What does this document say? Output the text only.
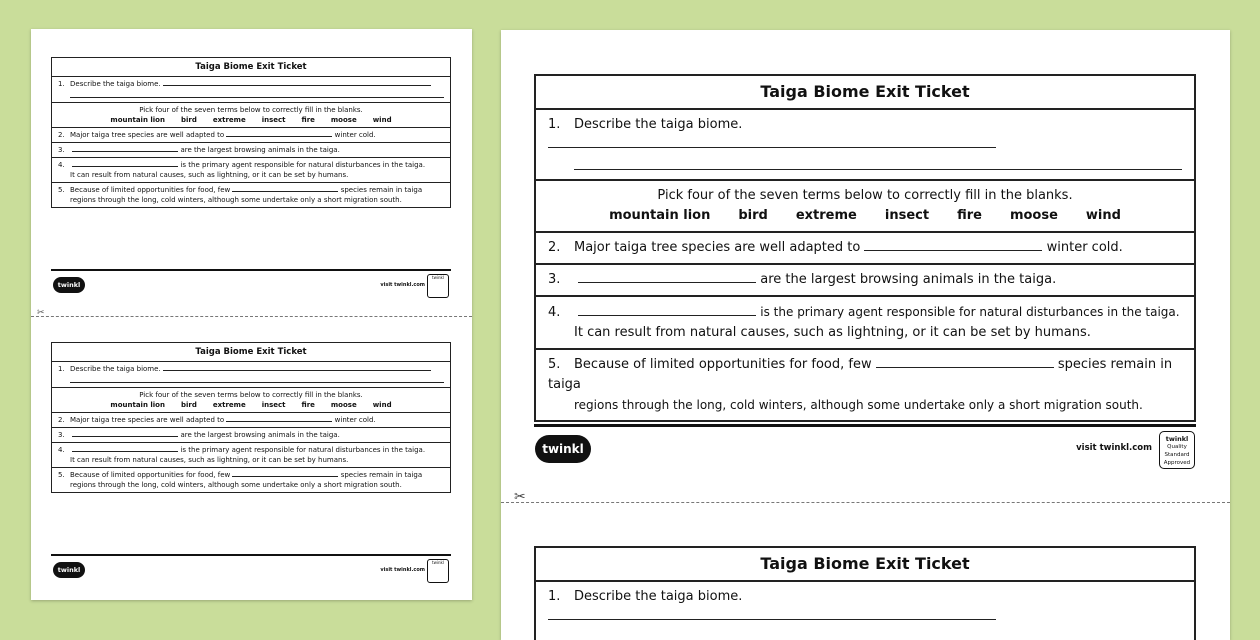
Taiga Biome Exit Ticket
1. Describe the taiga biome.
Pick four of the seven terms below to correctly fill in the blanks.
mountain lion bird extreme insect fire moose wind
2. Major taiga tree species are well adapted to	winter cold.
3.	are the largest browsing animals in the taiga.
4.	is the primary agent responsible for natural disturbances in the taiga.
It can result from natural causes, such as lightning, or it can be set by humans.
5. Because of limited opportunities for food, few	species remain in taiga
regions through the long, cold winters, although some undertake only a short migration south.
twinkl	visit twinkl.com
twinkl
✂
Taiga Biome Exit Ticket
1. Describe the taiga biome.
Pick four of the seven terms below to correctly fill in the blanks.
mountain lion bird extreme insect fire moose wind
2. Major taiga tree species are well adapted to	winter cold.
3.	are the largest browsing animals in the taiga.
4.	is the primary agent responsible for natural disturbances in the taiga.
It can result from natural causes, such as lightning, or it can be set by humans.
5. Because of limited opportunities for food, few	species remain in taiga
regions through the long, cold winters, although some undertake only a short migration south.
twinkl	visit twinkl.com
twinkl
Taiga Biome Exit Ticket
1. Describe the taiga biome.
Pick four of the seven terms below to correctly fill in the blanks.
mountain lion bird extreme insect fire moose wind
2. Major taiga tree species are well adapted to	winter cold.
3.	are the largest browsing animals in the taiga.
4.	is the primary agent responsible for natural disturbances in the taiga.
It can result from natural causes, such as lightning, or it can be set by humans.
5. Because of limited opportunities for food, few	species remain in taiga
regions through the long, cold winters, although some undertake only a short migration south.
twinkl	visit twinkl.com
twinkl
Quality Standard Approved
✂
Taiga Biome Exit Ticket
1. Describe the taiga biome.
